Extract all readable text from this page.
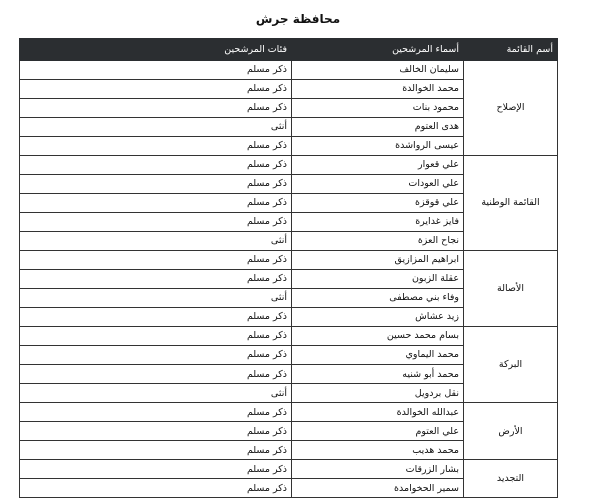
محافظة جرش
أسم القائمة	أسماء المرشحين	فئات المرشحين
الإصلاح	سليمان الخالف	ذكر مسلم
	محمد الخوالدة	ذكر مسلم
	محمود بنات	ذكر مسلم
	هدى العتوم	أنثى
	عيسى الرواشدة	ذكر مسلم
القائمة الوطنية	علي قعوار	ذكر مسلم
	علي العودات	ذكر مسلم
	علي قوقزة	ذكر مسلم
	فايز غدايرة	ذكر مسلم
	نجاح العزة	أنثى
الأصالة	ابراهيم المزازيق	ذكر مسلم
	عقلة الزبون	ذكر مسلم
	وفاء بني مصطفى	أنثى
	زيد عشاش	ذكر مسلم
البركة	بسام محمد حسين	ذكر مسلم
	محمد اليماوي	ذكر مسلم
	محمد أبو شنيه	ذكر مسلم
	نقل بردويل	أنثى
الأرض	عبدالله الخوالدة	ذكر مسلم
	علي العتوم	ذكر مسلم
	محمد هديب	ذكر مسلم
التجديد	بشار الزرقات	ذكر مسلم
	سمير الحخوامدة	ذكر مسلم
